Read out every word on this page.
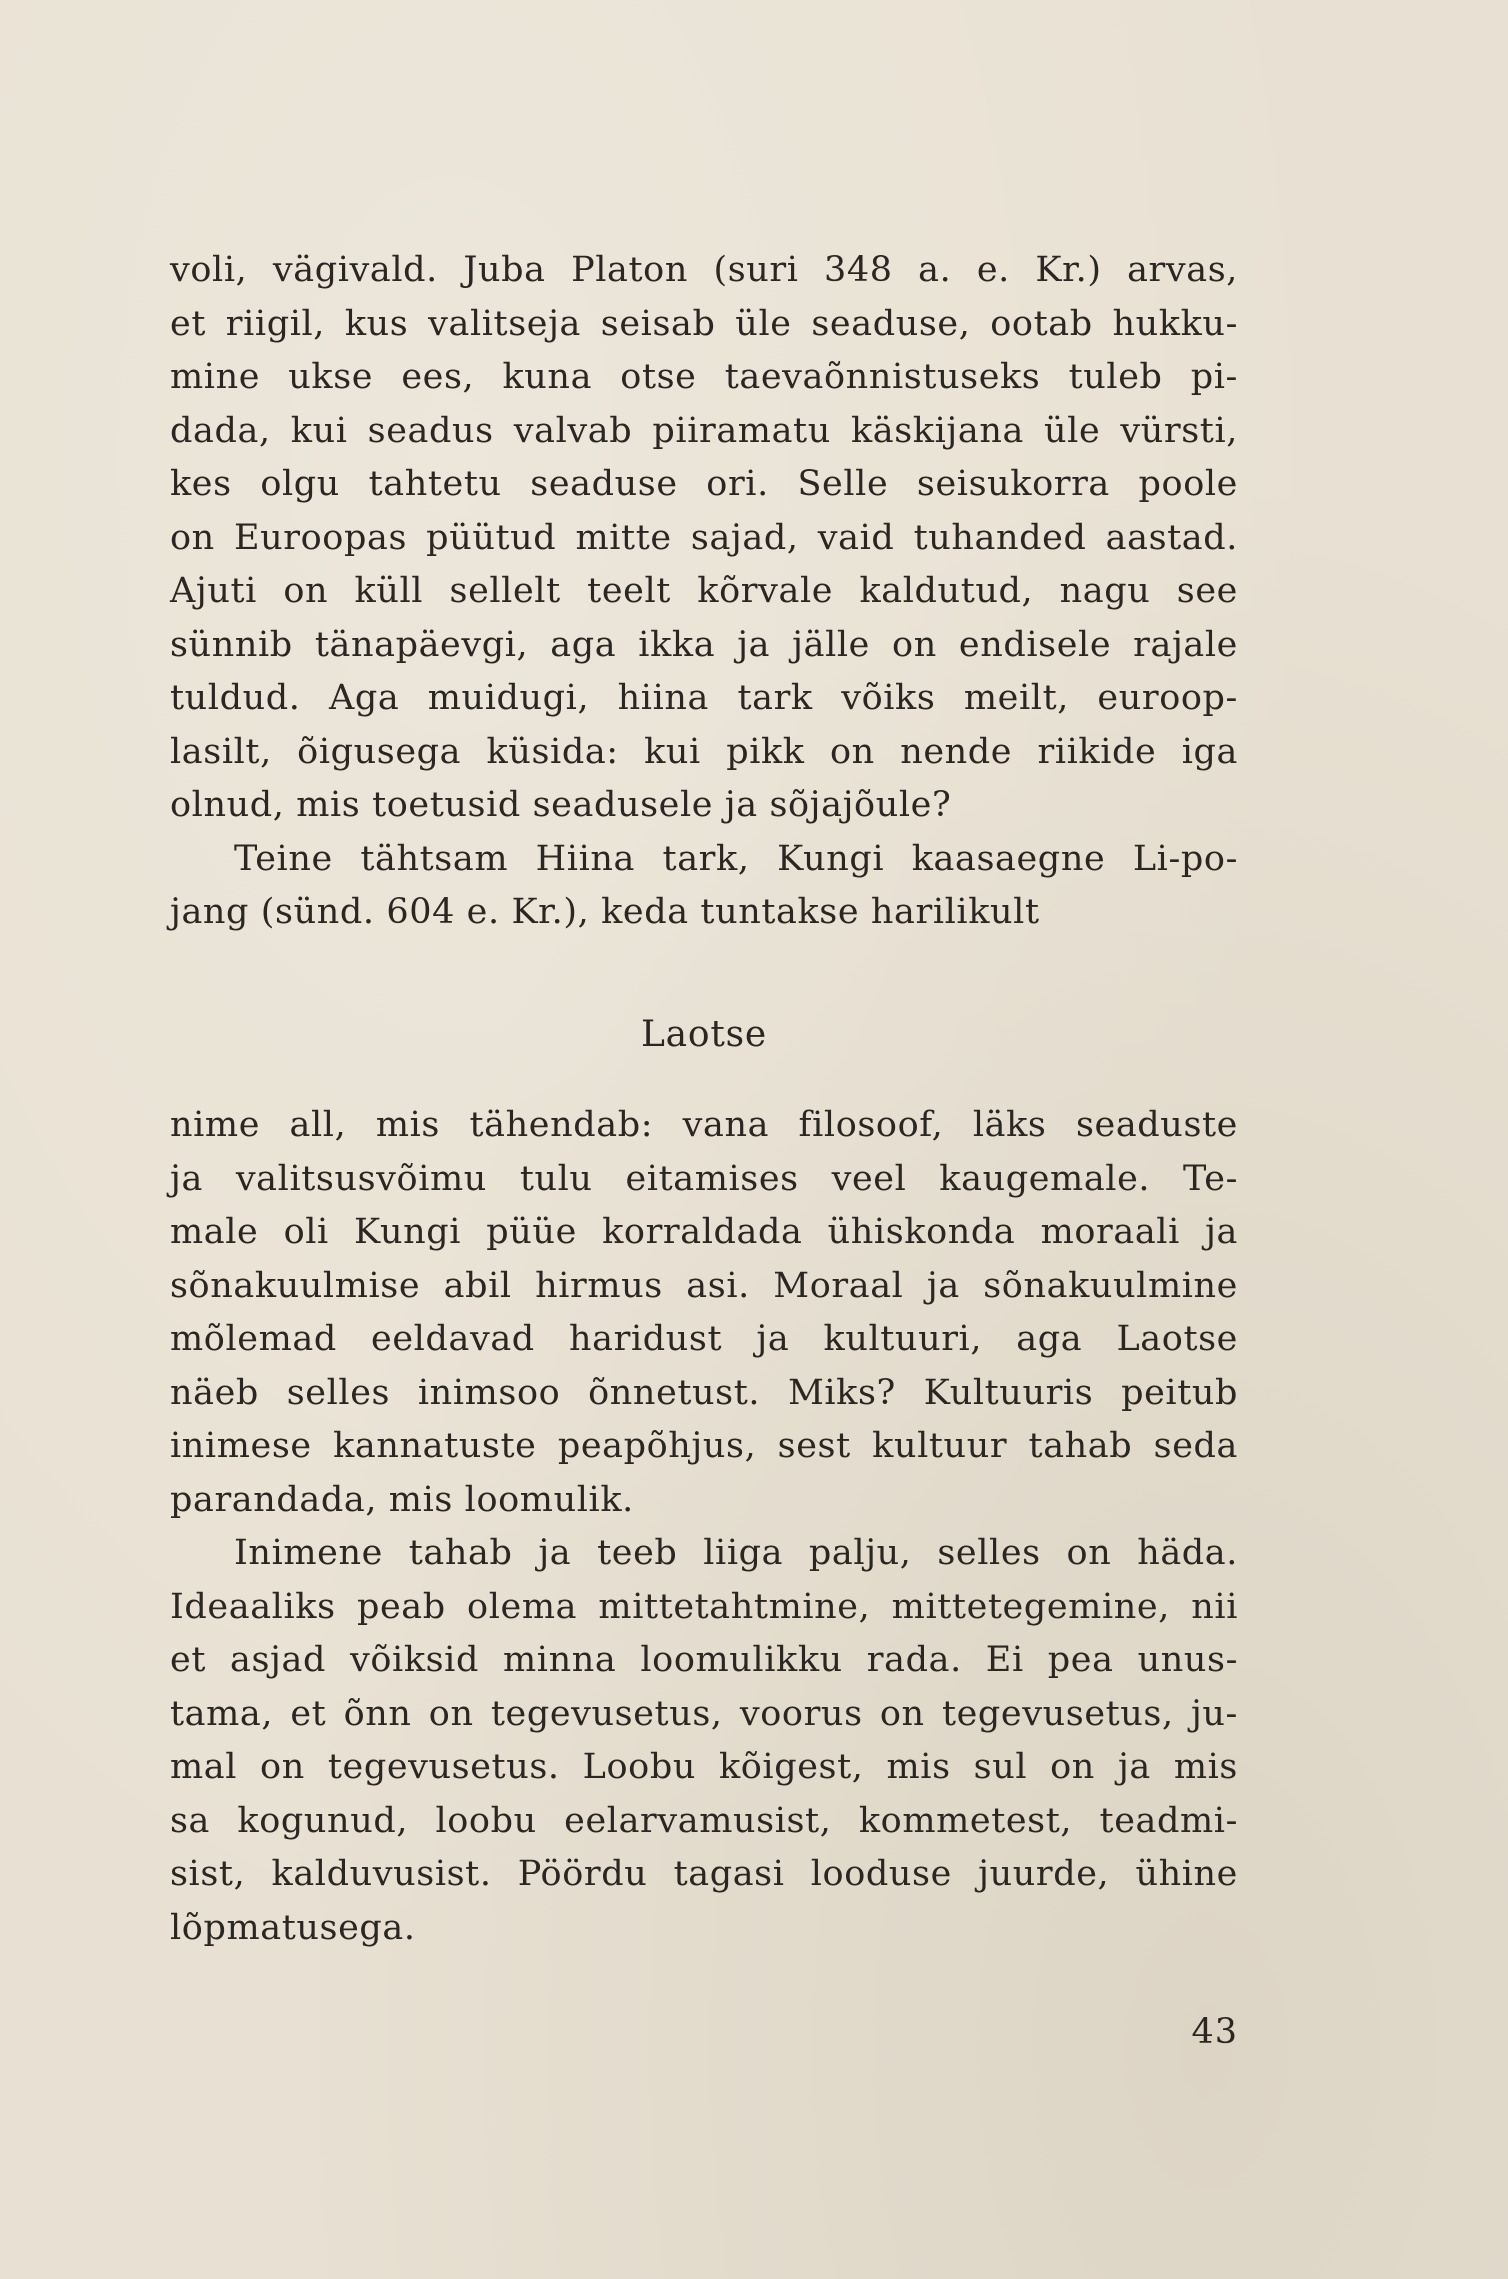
voli, vägivald. Juba Platon (suri 348 a. e. Kr.) arvas,
et riigil, kus valitseja seisab üle seaduse, ootab hukku-
mine ukse ees, kuna otse taevaõnnistuseks tuleb pi-
dada, kui seadus valvab piiramatu käskijana üle vürsti,
kes olgu tahtetu seaduse ori. Selle seisukorra poole
on Euroopas püütud mitte sajad, vaid tuhanded aastad.
Ajuti on küll sellelt teelt kõrvale kaldutud, nagu see
sünnib tänapäevgi, aga ikka ja jälle on endisele rajale
tuldud. Aga muidugi, hiina tark võiks meilt, euroop-
lasilt, õigusega küsida: kui pikk on nende riikide iga
olnud, mis toetusid seadusele ja sõjajõule?
Teine tähtsam Hiina tark, Kungi kaasaegne Li-po-
jang (sünd. 604 e. Kr.), keda tuntakse harilikult
Laotse
nime all, mis tähendab: vana filosoof, läks seaduste
ja valitsusvõimu tulu eitamises veel kaugemale. Te-
male oli Kungi püüe korraldada ühiskonda moraali ja
sõnakuulmise abil hirmus asi. Moraal ja sõnakuulmine
mõlemad eeldavad haridust ja kultuuri, aga Laotse
näeb selles inimsoo õnnetust. Miks? Kultuuris peitub
inimese kannatuste peapõhjus, sest kultuur tahab seda
parandada, mis loomulik.
Inimene tahab ja teeb liiga palju, selles on häda.
Ideaaliks peab olema mittetahtmine, mittetegemine, nii
et asjad võiksid minna loomulikku rada. Ei pea unus-
tama, et õnn on tegevusetus, voorus on tegevusetus, ju-
mal on tegevusetus. Loobu kõigest, mis sul on ja mis
sa kogunud, loobu eelarvamusist, kommetest, teadmi-
sist, kalduvusist. Pöördu tagasi looduse juurde, ühine
lõpmatusega.
43
